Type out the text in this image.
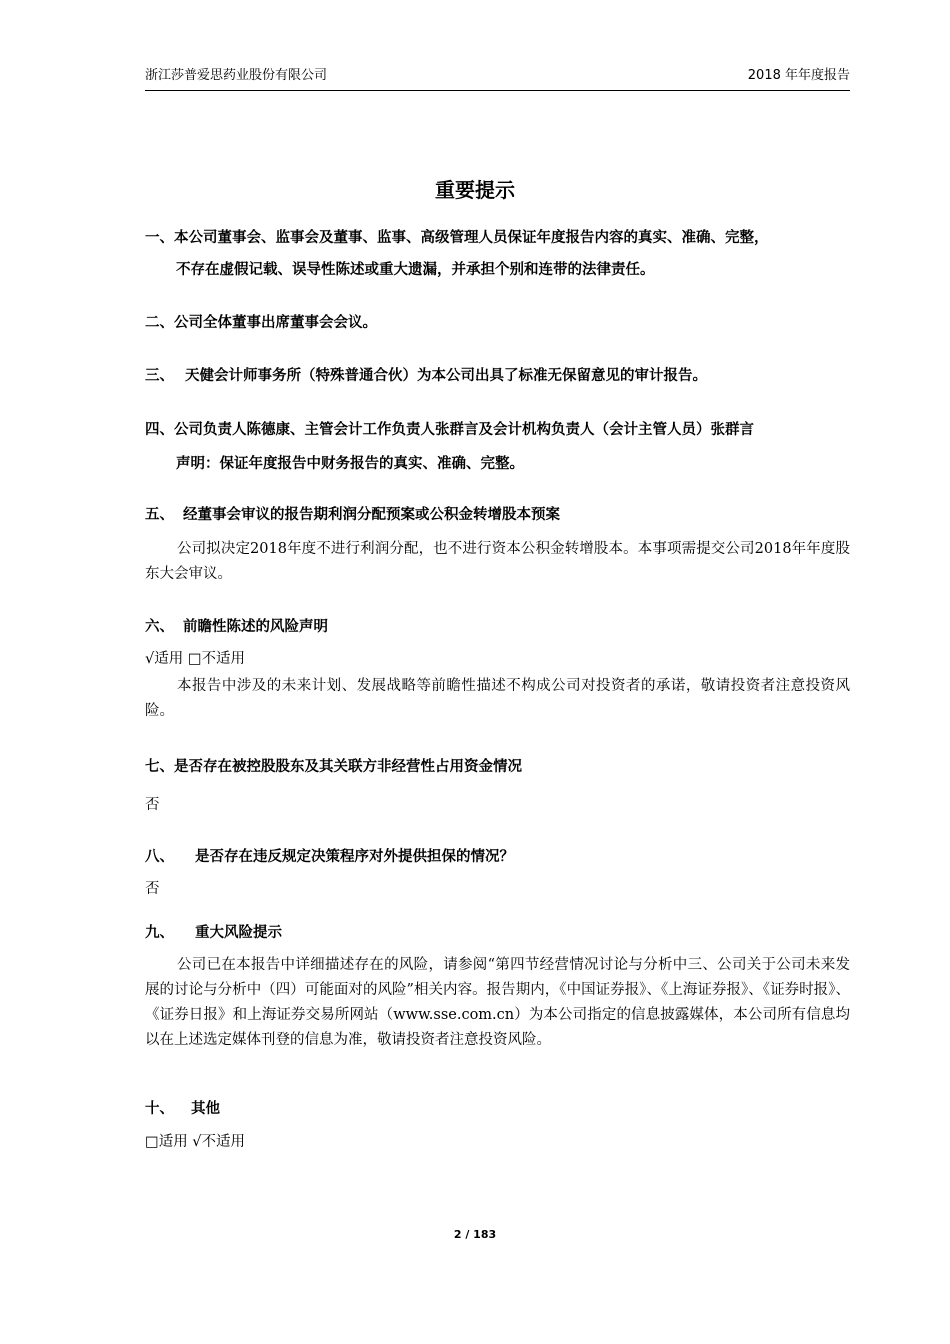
浙江莎普爱思药业股份有限公司	2018 年年度报告
重要提示
一、本公司董事会、监事会及董事、监事、高级管理人员保证年度报告内容的真实、准确、完整，
不存在虚假记载、误导性陈述或重大遗漏，并承担个别和连带的法律责任。
二、公司全体董事出席董事会会议。
三、 天健会计师事务所（特殊普通合伙）为本公司出具了标准无保留意见的审计报告。
四、公司负责人陈德康、主管会计工作负责人张群言及会计机构负责人（会计主管人员）张群言
声明：保证年度报告中财务报告的真实、准确、完整。
五、 经董事会审议的报告期利润分配预案或公积金转增股本预案
公司拟决定2018年度不进行利润分配，也不进行资本公积金转增股本。本事项需提交公司2018年年度股东大会审议。
六、 前瞻性陈述的风险声明
√适用 □不适用
本报告中涉及的未来计划、发展战略等前瞻性描述不构成公司对投资者的承诺，敬请投资者注意投资风险。
七、是否存在被控股股东及其关联方非经营性占用资金情况
否
八、 是否存在违反规定决策程序对外提供担保的情况？
否
九、 重大风险提示
公司已在本报告中详细描述存在的风险，请参阅“第四节经营情况讨论与分析中三、公司关于公司未来发展的讨论与分析中（四）可能面对的风险”相关内容。报告期内，《中国证券报》、《上海证券报》、《证券时报》、《证券日报》和上海证券交易所网站（www.sse.com.cn）为本公司指定的信息披露媒体，本公司所有信息均以在上述选定媒体刊登的信息为准，敬请投资者注意投资风险。
十、 其他
□适用 √不适用
2 / 183
